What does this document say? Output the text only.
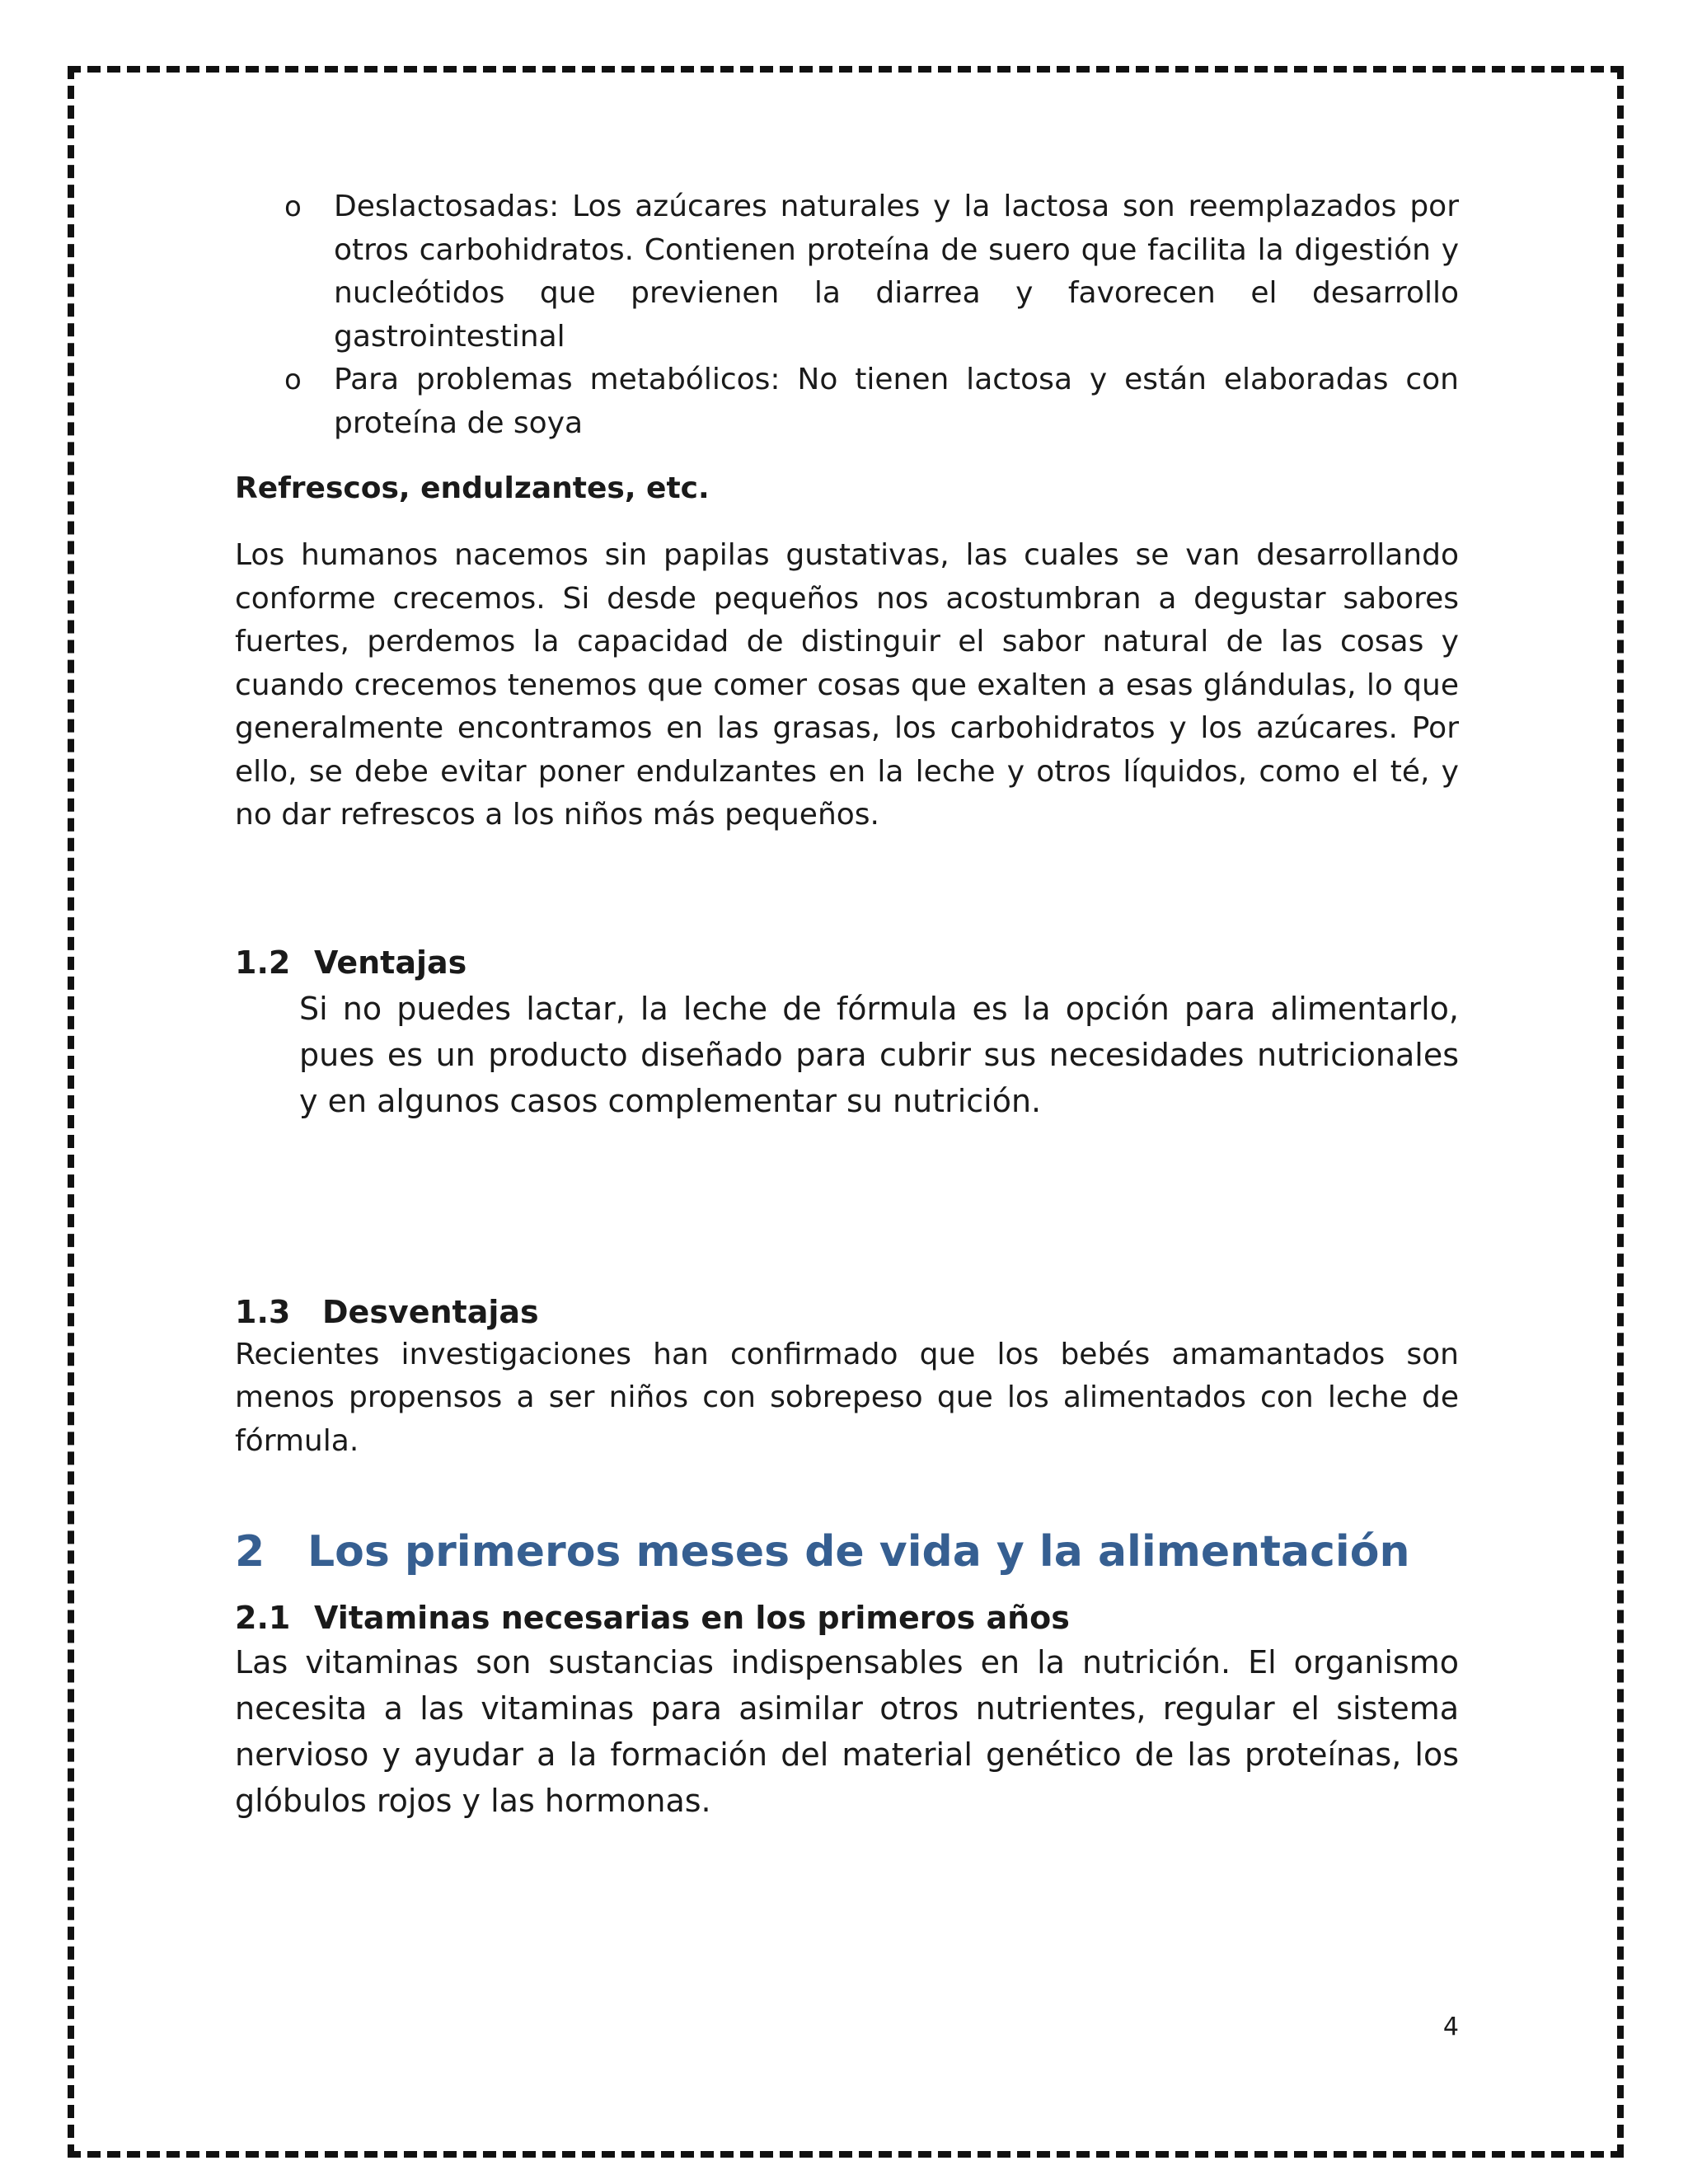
o Deslactosadas: Los azúcares naturales y la lactosa son reemplazados por otros carbohidratos. Contienen proteína de suero que facilita la digestión y nucleótidos que previenen la diarrea y favorecen el desarrollo gastrointestinal
o Para problemas metabólicos: No tienen lactosa y están elaboradas con proteína de soya

Refrescos, endulzantes, etc.

Los humanos nacemos sin papilas gustativas, las cuales se van desarrollando conforme crecemos. Si desde pequeños nos acostumbran a degustar sabores fuertes, perdemos la capacidad de distinguir el sabor natural de las cosas y cuando crecemos tenemos que comer cosas que exalten a esas glándulas, lo que generalmente encontramos en las grasas, los carbohidratos y los azúcares. Por ello, se debe evitar poner endulzantes en la leche y otros líquidos, como el té, y no dar refrescos a los niños más pequeños.

1.2 Ventajas

Si no puedes lactar, la leche de fórmula es la opción para alimentarlo, pues es un producto diseñado para cubrir sus necesidades nutricionales y en algunos casos complementar su nutrición.

1.3 Desventajas

Recientes investigaciones han confirmado que los bebés amamantados son menos propensos a ser niños con sobrepeso que los alimentados con leche de fórmula.

2 Los primeros meses de vida y la alimentación

2.1 Vitaminas necesarias en los primeros años

Las vitaminas son sustancias indispensables en la nutrición. El organismo necesita a las vitaminas para asimilar otros nutrientes, regular el sistema nervioso y ayudar a la formación del material genético de las proteínas, los glóbulos rojos y las hormonas.

4
